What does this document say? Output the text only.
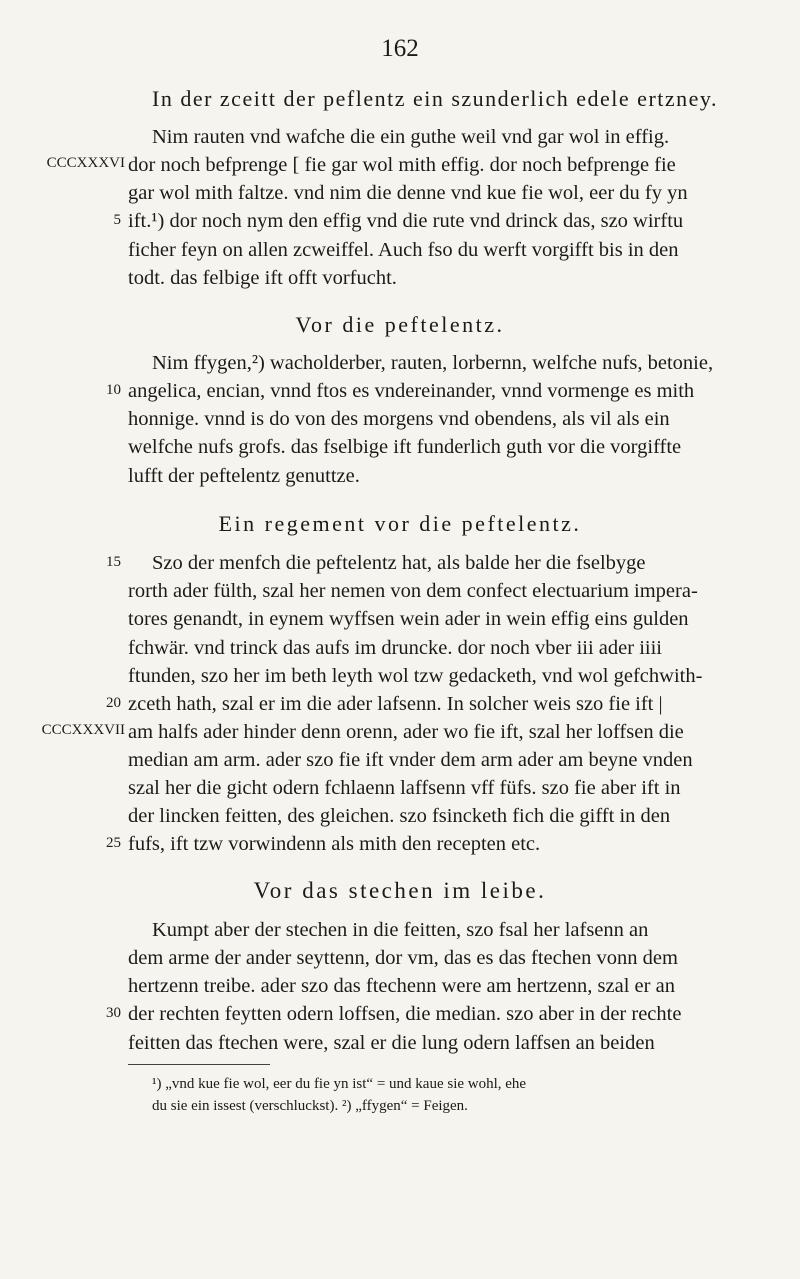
162
In der zceitt der peflentz ein szunderlich edele ertzney.
Nim rauten vnd wafche die ein guthe weil vnd gar wol in effig.
CCCXXXVI dor noch befprenge [ fie gar wol mith effig. dor noch befprenge fie
gar wol mith faltze. vnd nim die denne vnd kue fie wol, eer du fy yn
5 ift.¹) dor noch nym den effig vnd die rute vnd drinck das, szo wirftu
ficher feyn on allen zcweiffel. Auch fso du werft vorgifft bis in den
todt. das felbige ift offt vorfucht.
Vor die peftelentz.
Nim ffygen,²) wacholderber, rauten, lorbernn, welfche nufs, betonie,
10 angelica, encian, vnnd ftos es vndereinander, vnnd vormenge es mith
honnige. vnnd is do von des morgens vnd obendens, als vil als ein
welfche nufs grofs. das fselbige ift funderlich guth vor die vorgiffte
lufft der peftelentz genuttze.
Ein regement vor die peftelentz.
15 Szo der menfch die peftelentz hat, als balde her die fselbyge
rorth ader fülth, szal her nemen von dem confect electuarium impera-
tores genandt, in eynem wyffsen wein ader in wein effig eins gulden
fchwär. vnd trinck das aufs im druncke. dor noch vber iii ader iiii
ftunden, szo her im beth leyth wol tzw gedacketh, vnd wol gefchwith-
20 zceth hath, szal er im die ader lafsenn. In solcher weis szo fie ift |
CCCXXXVII am halfs ader hinder denn orenn, ader wo fie ift, szal her loffsen die
median am arm. ader szo fie ift vnder dem arm ader am beyne vnden
szal her die gicht odern fchlaenn laffsenn vff füfs. szo fie aber ift in
der lincken feitten, des gleichen. szo fsincketh fich die gifft in den
25 fufs, ift tzw vorwindenn als mith den recepten etc.
Vor das stechen im leibe.
Kumpt aber der stechen in die feitten, szo fsal her lafsenn an
dem arme der ander seyttenn, dor vm, das es das ftechen vonn dem
hertzenn treibe. ader szo das ftechenn were am hertzenn, szal er an
30 der rechten feytten odern loffsen, die median. szo aber in der rechte
feitten das ftechen were, szal er die lung odern laffsen an beiden
¹) „vnd kue fie wol, eer du fie yn ist“ = und kaue sie wohl, ehe
du sie ein issest (verschluckst). ²) „ffygen“ = Feigen.
